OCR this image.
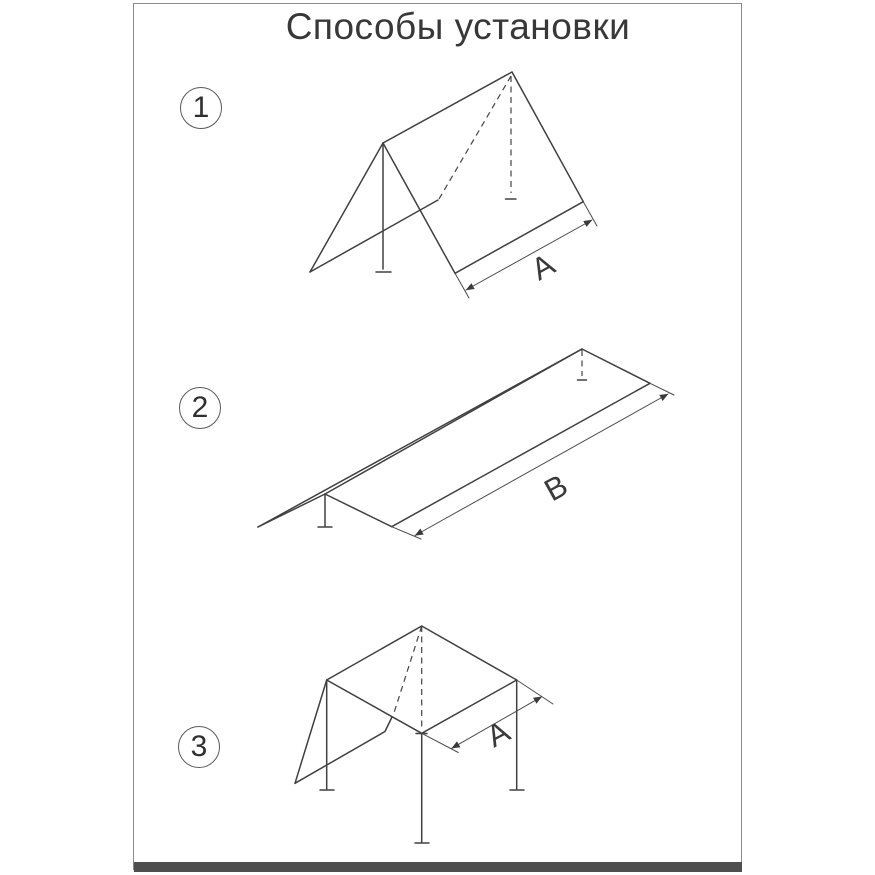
Способы установки
1
2
3
A
B
A
